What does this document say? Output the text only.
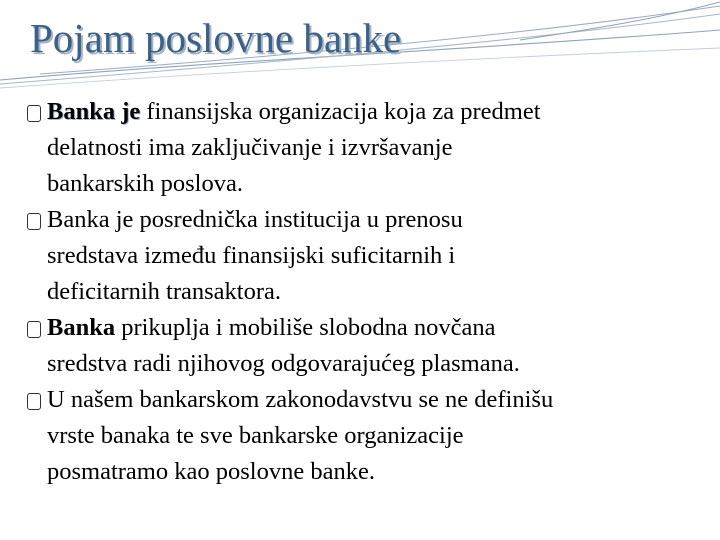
Pojam poslovne banke

Banka je finansijska organizacija koja za predmet
delatnosti ima zaključivanje i izvršavanje
bankarskih poslova.

Banka je posrednička institucija u prenosu
sredstava između finansijski suficitarnih i
deficitarnih transaktora.

Banka prikuplja i mobiliše slobodna novčana
sredstva radi njihovog odgovarajućeg plasmana.

U našem bankarskom zakonodavstvu se ne definišu
vrste banaka te sve bankarske organizacije
posmatramo kao poslovne banke.
